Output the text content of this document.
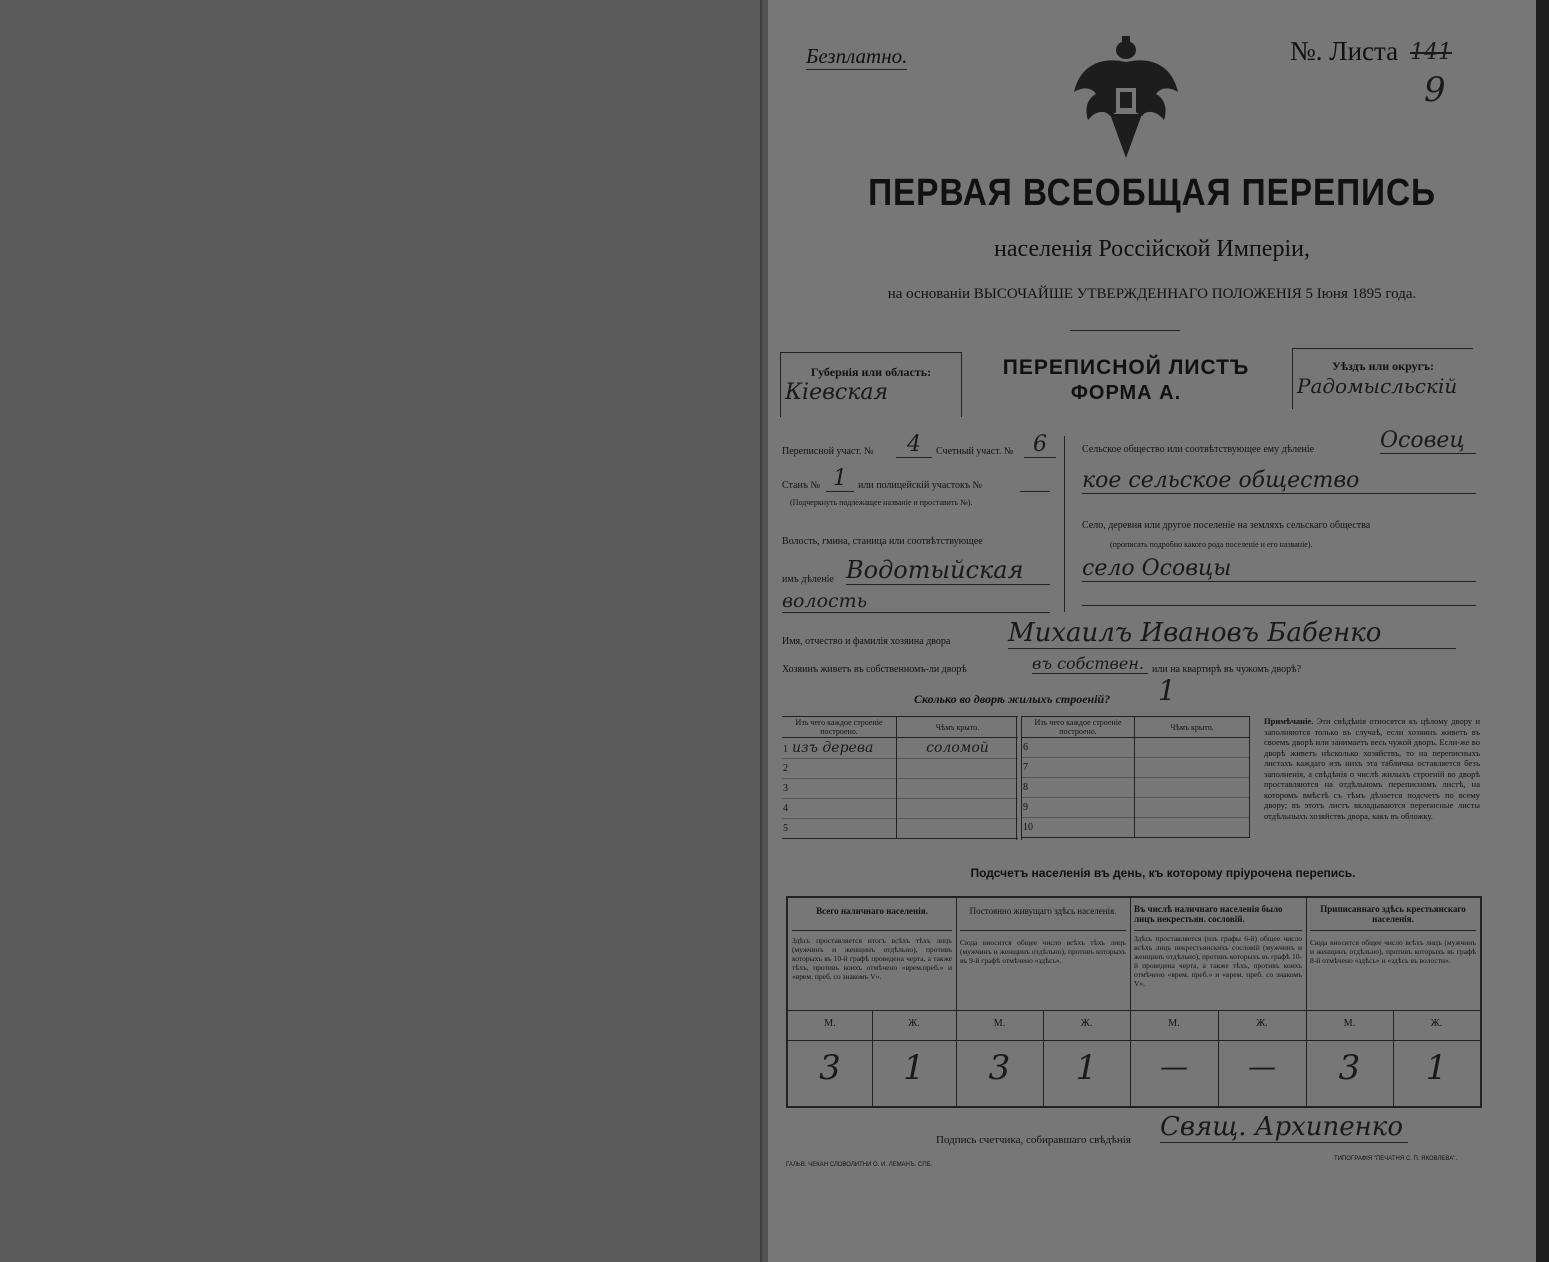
Безплатно.	№. Листа 141
9
ПЕРВАЯ ВСЕОБЩАЯ ПЕРЕПИСЬ
населенія Россійской Имперіи,
на основаніи ВЫСОЧАЙШЕ УТВЕРЖДЕННАГО ПОЛОЖЕНІЯ 5 Іюня 1895 года.
Губернія или область:
Кіевская
ПЕРЕПИСНОЙ ЛИСТЪ
ФОРМА А.
Уѣздъ или округъ:
Радомысльскій
Переписной участ. №	4	Счетный участ. № 6
Станъ № 1	или полицейскій участокъ №
(Подчеркнуть подлежащее названіе и проставить №).
Волость, гмина, станица или соотвѣтствующее
имъ дѣленіе Водотыйская
волость
Сельское общество или соотвѣтствующее ему дѣленіе	Осовец
кое сельское общество
Село, деревня или другое поселеніе на земляхъ сельскаго общества
(прописать подробно какого рода поселеніе и его названіе).
село Осовцы
Имя, отчество и фамилія хозяина двора Михаилъ Ивановъ Бабенко
Хозяинъ живетъ въ собственномъ-ли дворѣ	въ собствен. или на квартирѣ въ чужомъ дворѣ?
Сколько во дворѣ жилыхъ строеній? 1
Изъ чего каждое строеніе построено.	Чѣмъ крыто.
1 изъ дерева	соломой
2	
3	
4	
5	
Изъ чего каждое строеніе построено.	Чѣмъ крыто.
6	
7	
8	
9	
10	
Примѣчаніе. Эти свѣдѣнія относятся къ цѣлому двору и заполняются только въ случаѣ, если хозяинъ живетъ въ своемъ дворѣ или занимаетъ весь чужой дворъ. Если-же во дворѣ живетъ нѣсколько хозяйствъ, то на переписныхъ листахъ каждаго изъ нихъ эта табличка оставляется безъ заполненія, а свѣдѣнія о числѣ жилыхъ строеній во дворѣ проставляются на отдѣльномъ переписномъ листѣ, на которомъ вмѣстѣ съ тѣмъ дѣлается подсчетъ по всему двору; въ этотъ листъ вкладываются переписные листы отдѣльныхъ хозяйствъ двора, какъ въ обложку.
Подсчетъ населенія въ день, къ которому пріурочена перепись.
Всего наличнаго населенія.
Здѣсь проставляется итогъ всѣхъ тѣхъ лицъ (мужчинъ и женщинъ отдѣльно), противъ которыхъ въ 10-й графѣ проведена черта, а также тѣхъ, противъ коихъ отмѣчено «врем.преб.» и «врем. преб. со знакомъ V».
М.	Ж.
3	1
Постоянно живущаго здѣсь населенія.
Сюда вносится общее число всѣхъ тѣхъ лицъ (мужчинъ и женщинъ отдѣльно), противъ которыхъ въ 9-й графѣ отмѣчено «здѣсь».
М.	Ж.
3	1
Въ числѣ наличнаго населенія было лицъ некрестьян. сословій.
Здѣсь проставляется (изъ графы 6-й) общее число всѣхъ лицъ некрестьянскихъ сословій (мужчинъ и женщинъ отдѣльно), противъ которыхъ въ графѣ 10-й проведена черта, а также тѣхъ, противъ коихъ отмѣчено «врем. преб.» и «врем. преб. со знакомъ V».
М.	Ж.
—	—
Приписаннаго здѣсь крестьянскаго населенія.
Сюда вносится общее число всѣхъ лицъ (мужчинъ и женщинъ отдѣльно), противъ которыхъ въ графѣ 8-й отмѣчено «здѣсь» и «здѣсь въ волости».
М.	Ж.
3	1
Подпись счетчика, собиравшаго свѣдѣнія Свящ. Архипенко
ГАЛЬВ. ЧЕКАН СЛОВОЛИТНИ О. И. ЛЕМАНЪ. СПБ.
ТИПОГРАФІЯ "ПЕЧАТНЯ С. П. ЯКОВЛЕВА".
